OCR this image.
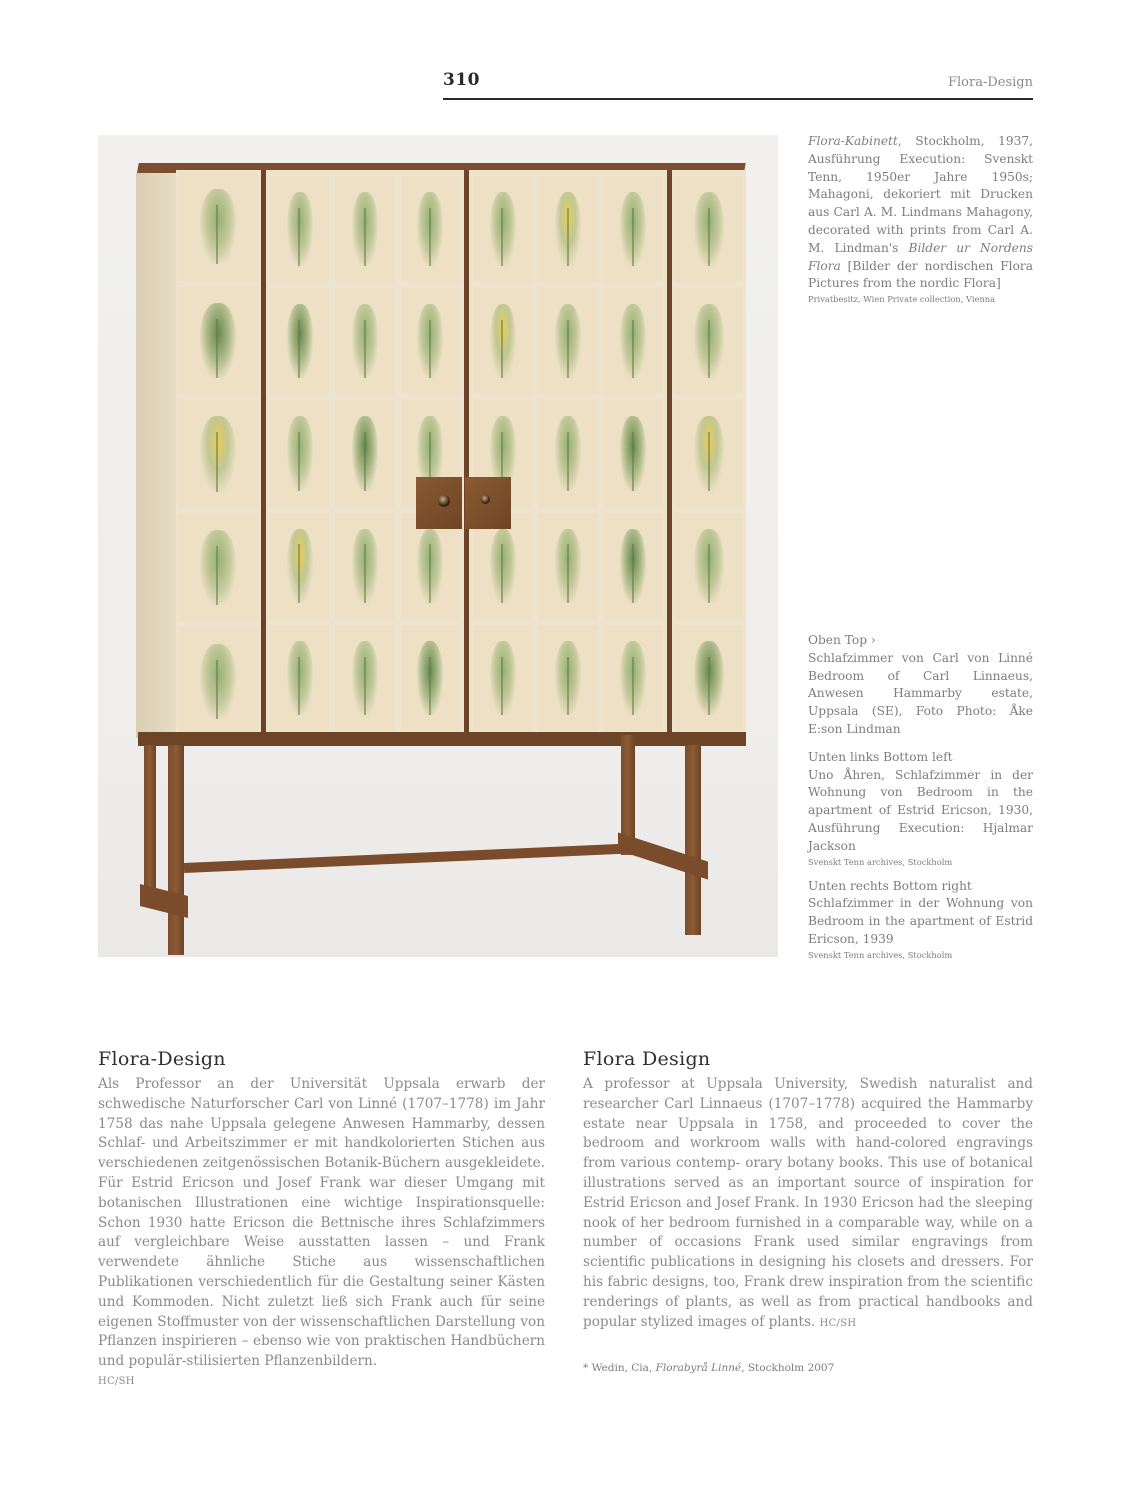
310	Flora-Design

Flora-Kabinett, Stockholm, 1937, Ausführung Execution: Svenskt Tenn, 1950er Jahre 1950s; Mahagoni, dekoriert mit Drucken aus Carl A. M. Lindmans Mahagony, decorated with prints from Carl A. M. Lindman's Bilder ur Nordens Flora [Bilder der nordischen Flora Pictures from the nordic Flora]

Privatbesitz, Wien Private collection, Vienna

Oben Top ›

Schlafzimmer von Carl von Linné Bedroom of Carl Linnaeus, Anwesen Hammarby estate, Uppsala (SE), Foto Photo: Åke E:son Lindman

Unten links Bottom left

Uno Åhren, Schlafzimmer in der Wohnung von Bedroom in the apartment of Estrid Ericson, 1930, Ausführung Execution: Hjalmar Jackson

Svenskt Tenn archives, Stockholm

Unten rechts Bottom right

Schlafzimmer in der Wohnung von Bedroom in the apartment of Estrid Ericson, 1939

Svenskt Tenn archives, Stockholm

Flora-Design

Als Professor an der Universität Uppsala erwarb der schwedische Naturforscher Carl von Linné (1707–1778) im Jahr 1758 das nahe Uppsala gelegene Anwesen Hammarby, dessen Schlaf- und Arbeitszimmer er mit handkolorierten Stichen aus verschiedenen zeitgenössischen Botanik-Büchern ausgekleidete. Für Estrid Ericson und Josef Frank war dieser Umgang mit botanischen Illustrationen eine wichtige Inspirationsquelle: Schon 1930 hatte Ericson die Bettnische ihres Schlafzimmers auf vergleichbare Weise ausstatten lassen – und Frank verwendete ähnliche Stiche aus wissenschaftlichen Publikationen verschiedentlich für die Gestaltung seiner Kästen und Kommoden. Nicht zuletzt ließ sich Frank auch für seine eigenen Stoffmuster von der wissenschaftlichen Darstellung von Pflanzen inspirieren – ebenso wie von praktischen Handbüchern und populär-stilisierten Pflanzenbildern.

HC/SH

Flora Design

A professor at Uppsala University, Swedish naturalist and researcher Carl Linnaeus (1707–1778) acquired the Hammarby estate near Uppsala in 1758, and proceeded to cover the bedroom and workroom walls with hand-colored engravings from various contemp- orary botany books. This use of botanical illustrations served as an important source of inspiration for Estrid Ericson and Josef Frank. In 1930 Ericson had the sleeping nook of her bedroom furnished in a comparable way, while on a number of occasions Frank used similar engravings from scientific publications in designing his closets and dressers. For his fabric designs, too, Frank drew inspiration from the scientific renderings of plants, as well as from practical handbooks and popular stylized images of plants. HC/SH

* Wedin, Cia, Florabyrå Linné, Stockholm 2007
